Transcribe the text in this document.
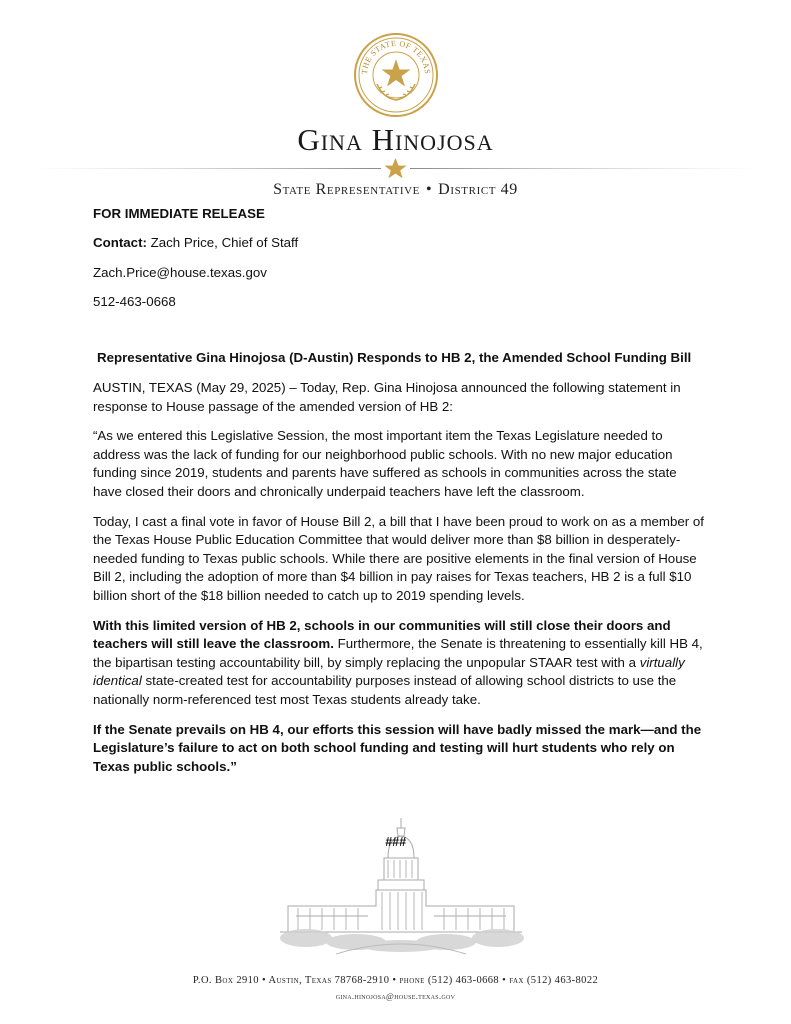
THE STATE OF TEXAS
Gina Hinojosa
State Representative • District 49
FOR IMMEDIATE RELEASE
Contact: Zach Price, Chief of Staff
Zach.Price@house.texas.gov
512-463-0668
Representative Gina Hinojosa (D-Austin) Responds to HB 2, the Amended School Funding Bill

AUSTIN, TEXAS (May 29, 2025) – Today, Rep. Gina Hinojosa announced the following statement in response to House passage of the amended version of HB 2:

“As we entered this Legislative Session, the most important item the Texas Legislature needed to address was the lack of funding for our neighborhood public schools. With no new major education funding since 2019, students and parents have suffered as schools in communities across the state have closed their doors and chronically underpaid teachers have left the classroom.

Today, I cast a final vote in favor of House Bill 2, a bill that I have been proud to work on as a member of the Texas House Public Education Committee that would deliver more than $8 billion in desperately-needed funding to Texas public schools. While there are positive elements in the final version of House Bill 2, including the adoption of more than $4 billion in pay raises for Texas teachers, HB 2 is a full $10 billion short of the $18 billion needed to catch up to 2019 spending levels.

With this limited version of HB 2, schools in our communities will still close their doors and teachers will still leave the classroom. Furthermore, the Senate is threatening to essentially kill HB 4, the bipartisan testing accountability bill, by simply replacing the unpopular STAAR test with a virtually identical state-created test for accountability purposes instead of allowing school districts to use the nationally norm-referenced test most Texas students already take.

If the Senate prevails on HB 4, our efforts this session will have badly missed the mark—and the Legislature’s failure to act on both school funding and testing will hurt students who rely on Texas public schools.”

###
P.O. Box 2910 • Austin, Texas 78768-2910 • phone (512) 463-0668 • fax (512) 463-8022
gina.hinojosa@house.texas.gov
